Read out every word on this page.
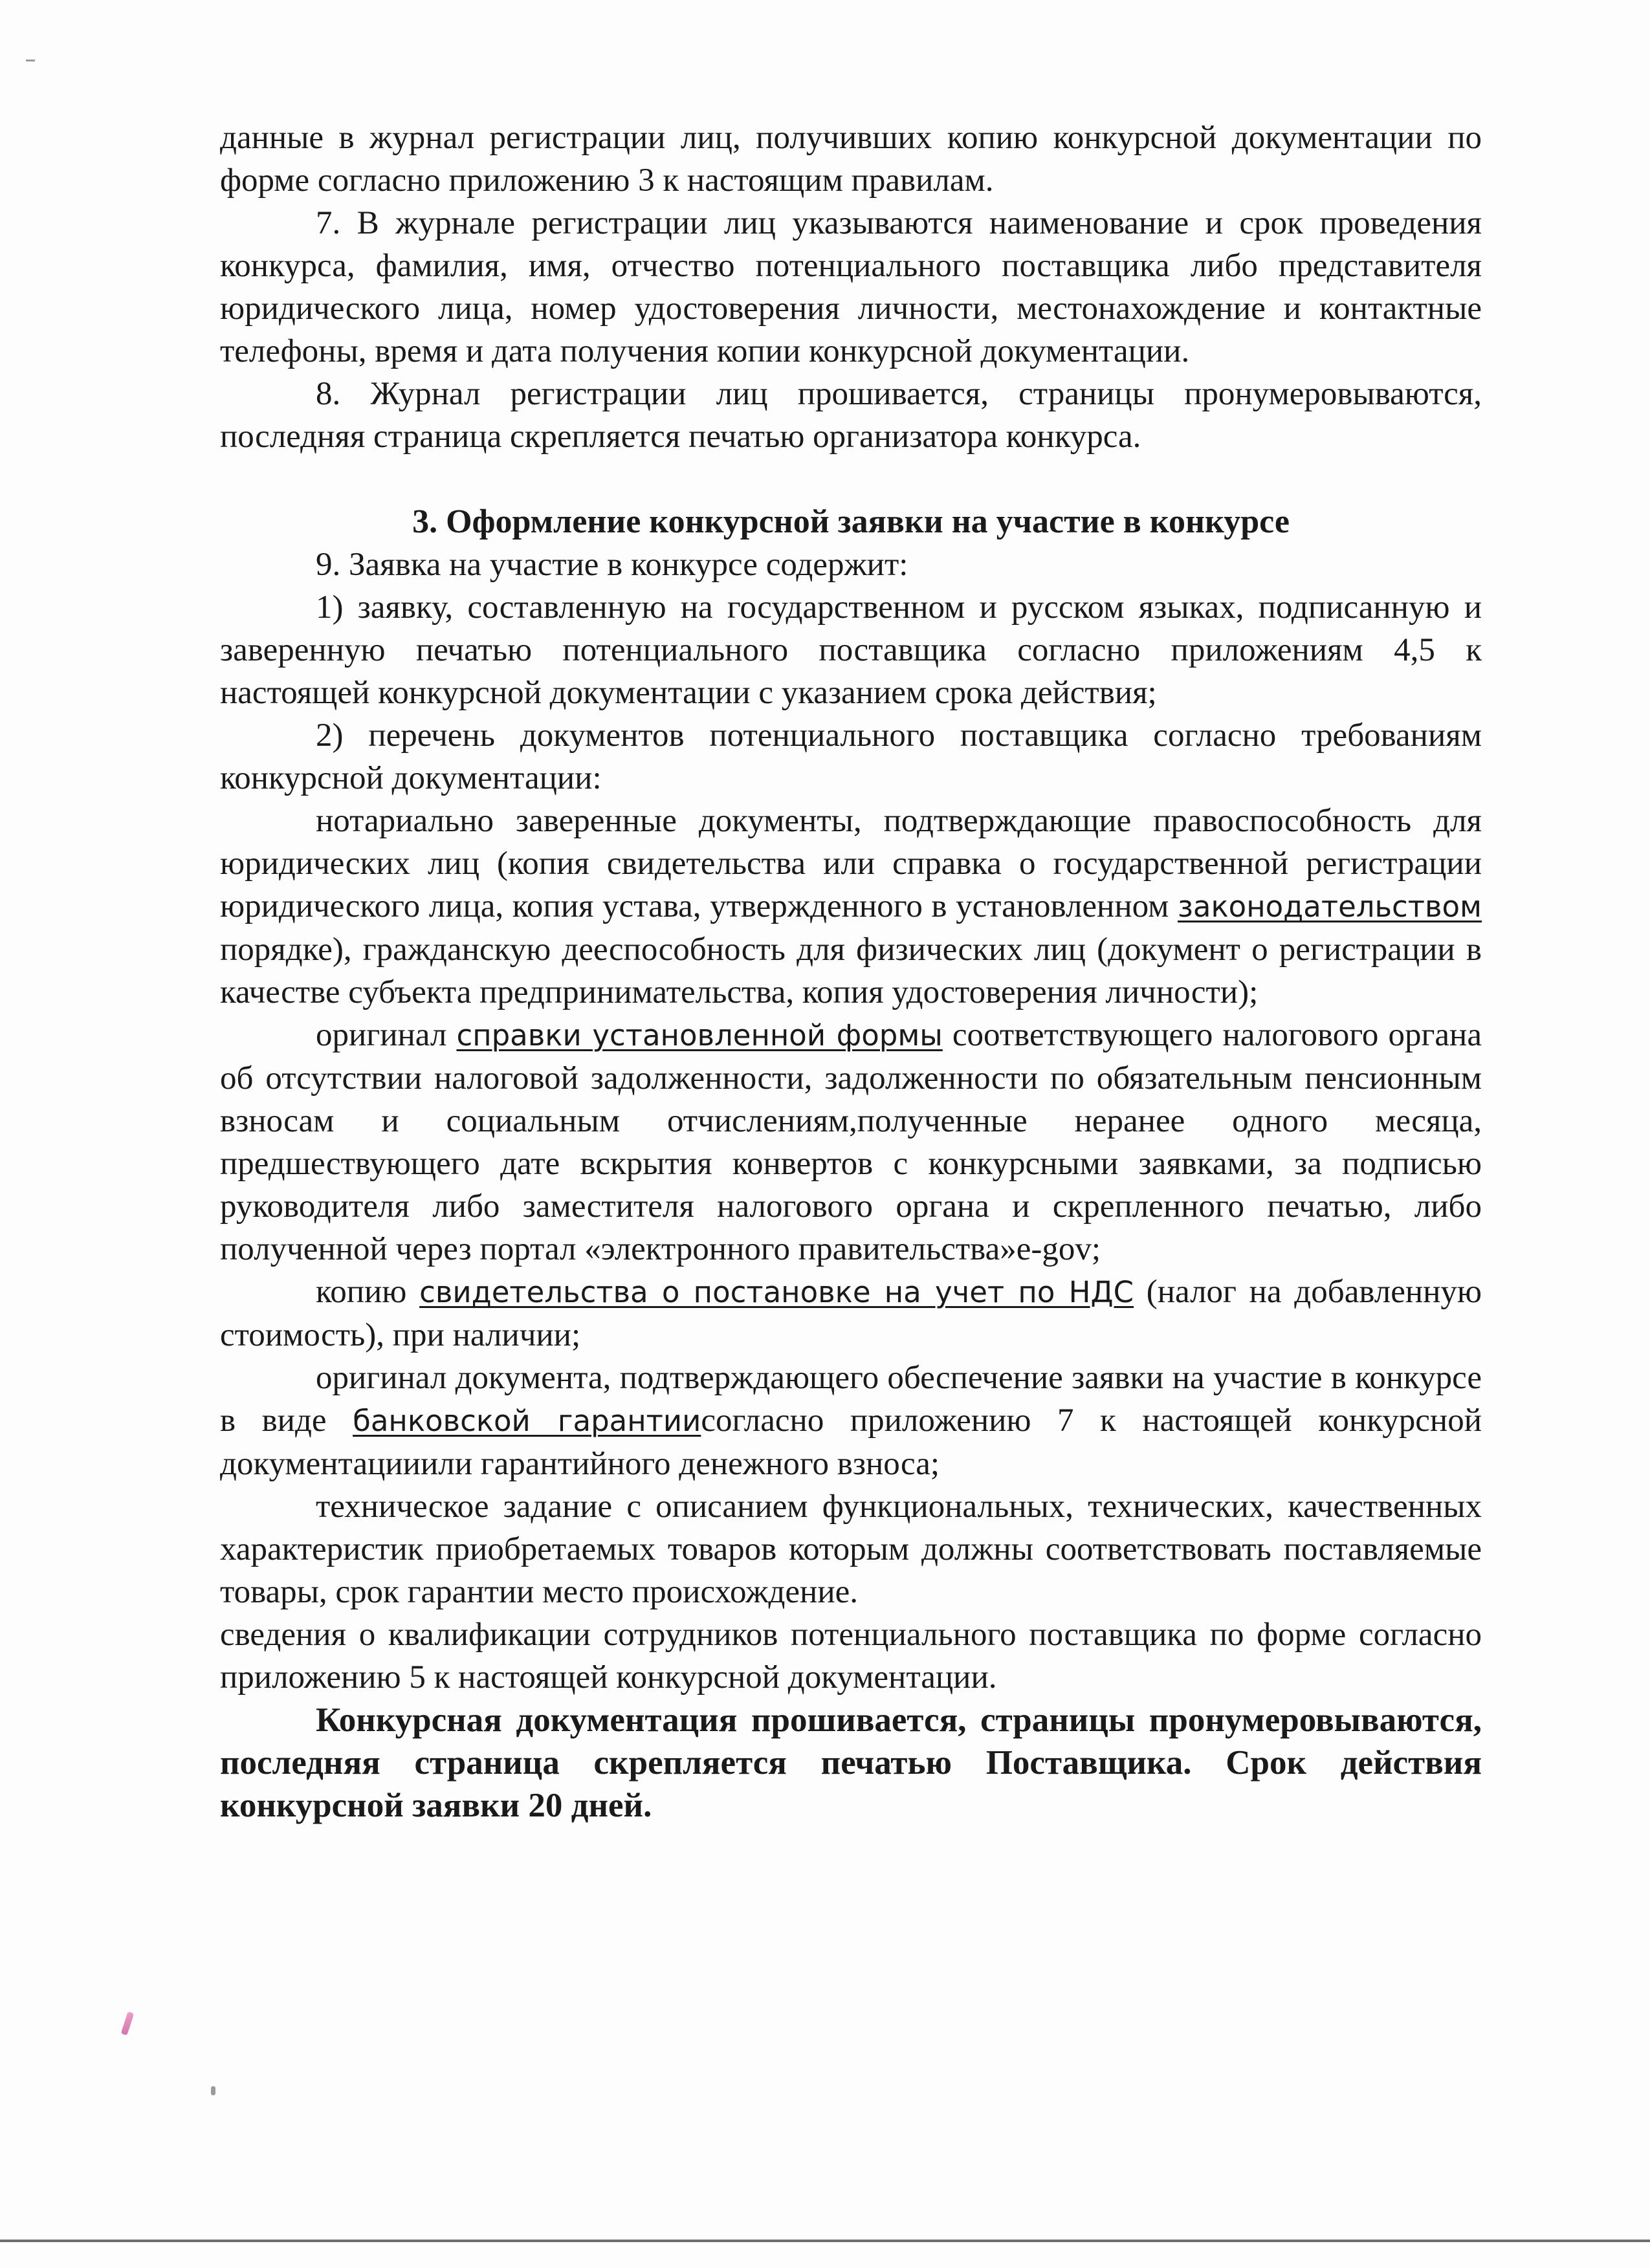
данные в журнал регистрации лиц, получивших копию конкурсной документации по форме согласно приложению 3 к настоящим правилам.

7. В журнале регистрации лиц указываются наименование и срок проведения конкурса, фамилия, имя, отчество потенциального поставщика либо представителя юридического лица, номер удостоверения личности, местонахождение и контактные телефоны, время и дата получения копии конкурсной документации.

8. Журнал регистрации лиц прошивается, страницы пронумеровываются, последняя страница скрепляется печатью организатора конкурса.

3. Оформление конкурсной заявки на участие в конкурсе

9. Заявка на участие в конкурсе содержит:

1) заявку, составленную на государственном и русском языках, подписанную и заверенную печатью потенциального поставщика согласно приложениям 4,5 к настоящей конкурсной документации с указанием срока действия;

2) перечень документов потенциального поставщика согласно требованиям конкурсной документации:

нотариально заверенные документы, подтверждающие правоспособность для юридических лиц (копия свидетельства или справка о государственной регистрации юридического лица, копия устава, утвержденного в установленном законодательством порядке), гражданскую дееспособность для физических лиц (документ о регистрации в качестве субъекта предпринимательства, копия удостоверения личности);

оригинал справки установленной формы соответствующего налогового органа об отсутствии налоговой задолженности, задолженности по обязательным пенсионным взносам и социальным отчислениям,полученные неранее одного месяца, предшествующего дате вскрытия конвертов с конкурсными заявками, за подписью руководителя либо заместителя налогового органа и скрепленного печатью, либо полученной через портал «электронного правительства»e-gov;

копию свидетельства о постановке на учет по НДС (налог на добавленную стоимость), при наличии;

оригинал документа, подтверждающего обеспечение заявки на участие в конкурсе в виде банковской гарантиисогласно приложению 7 к настоящей конкурсной документацииили гарантийного денежного взноса;

техническое задание с описанием функциональных, технических, качественных характеристик приобретаемых товаров которым должны соответствовать поставляемые товары, срок гарантии место происхождение.

сведения о квалификации сотрудников потенциального поставщика по форме согласно приложению 5 к настоящей конкурсной документации.

Конкурсная документация прошивается, страницы пронумеровываются, последняя страница скрепляется печатью Поставщика. Срок действия конкурсной заявки 20 дней.
